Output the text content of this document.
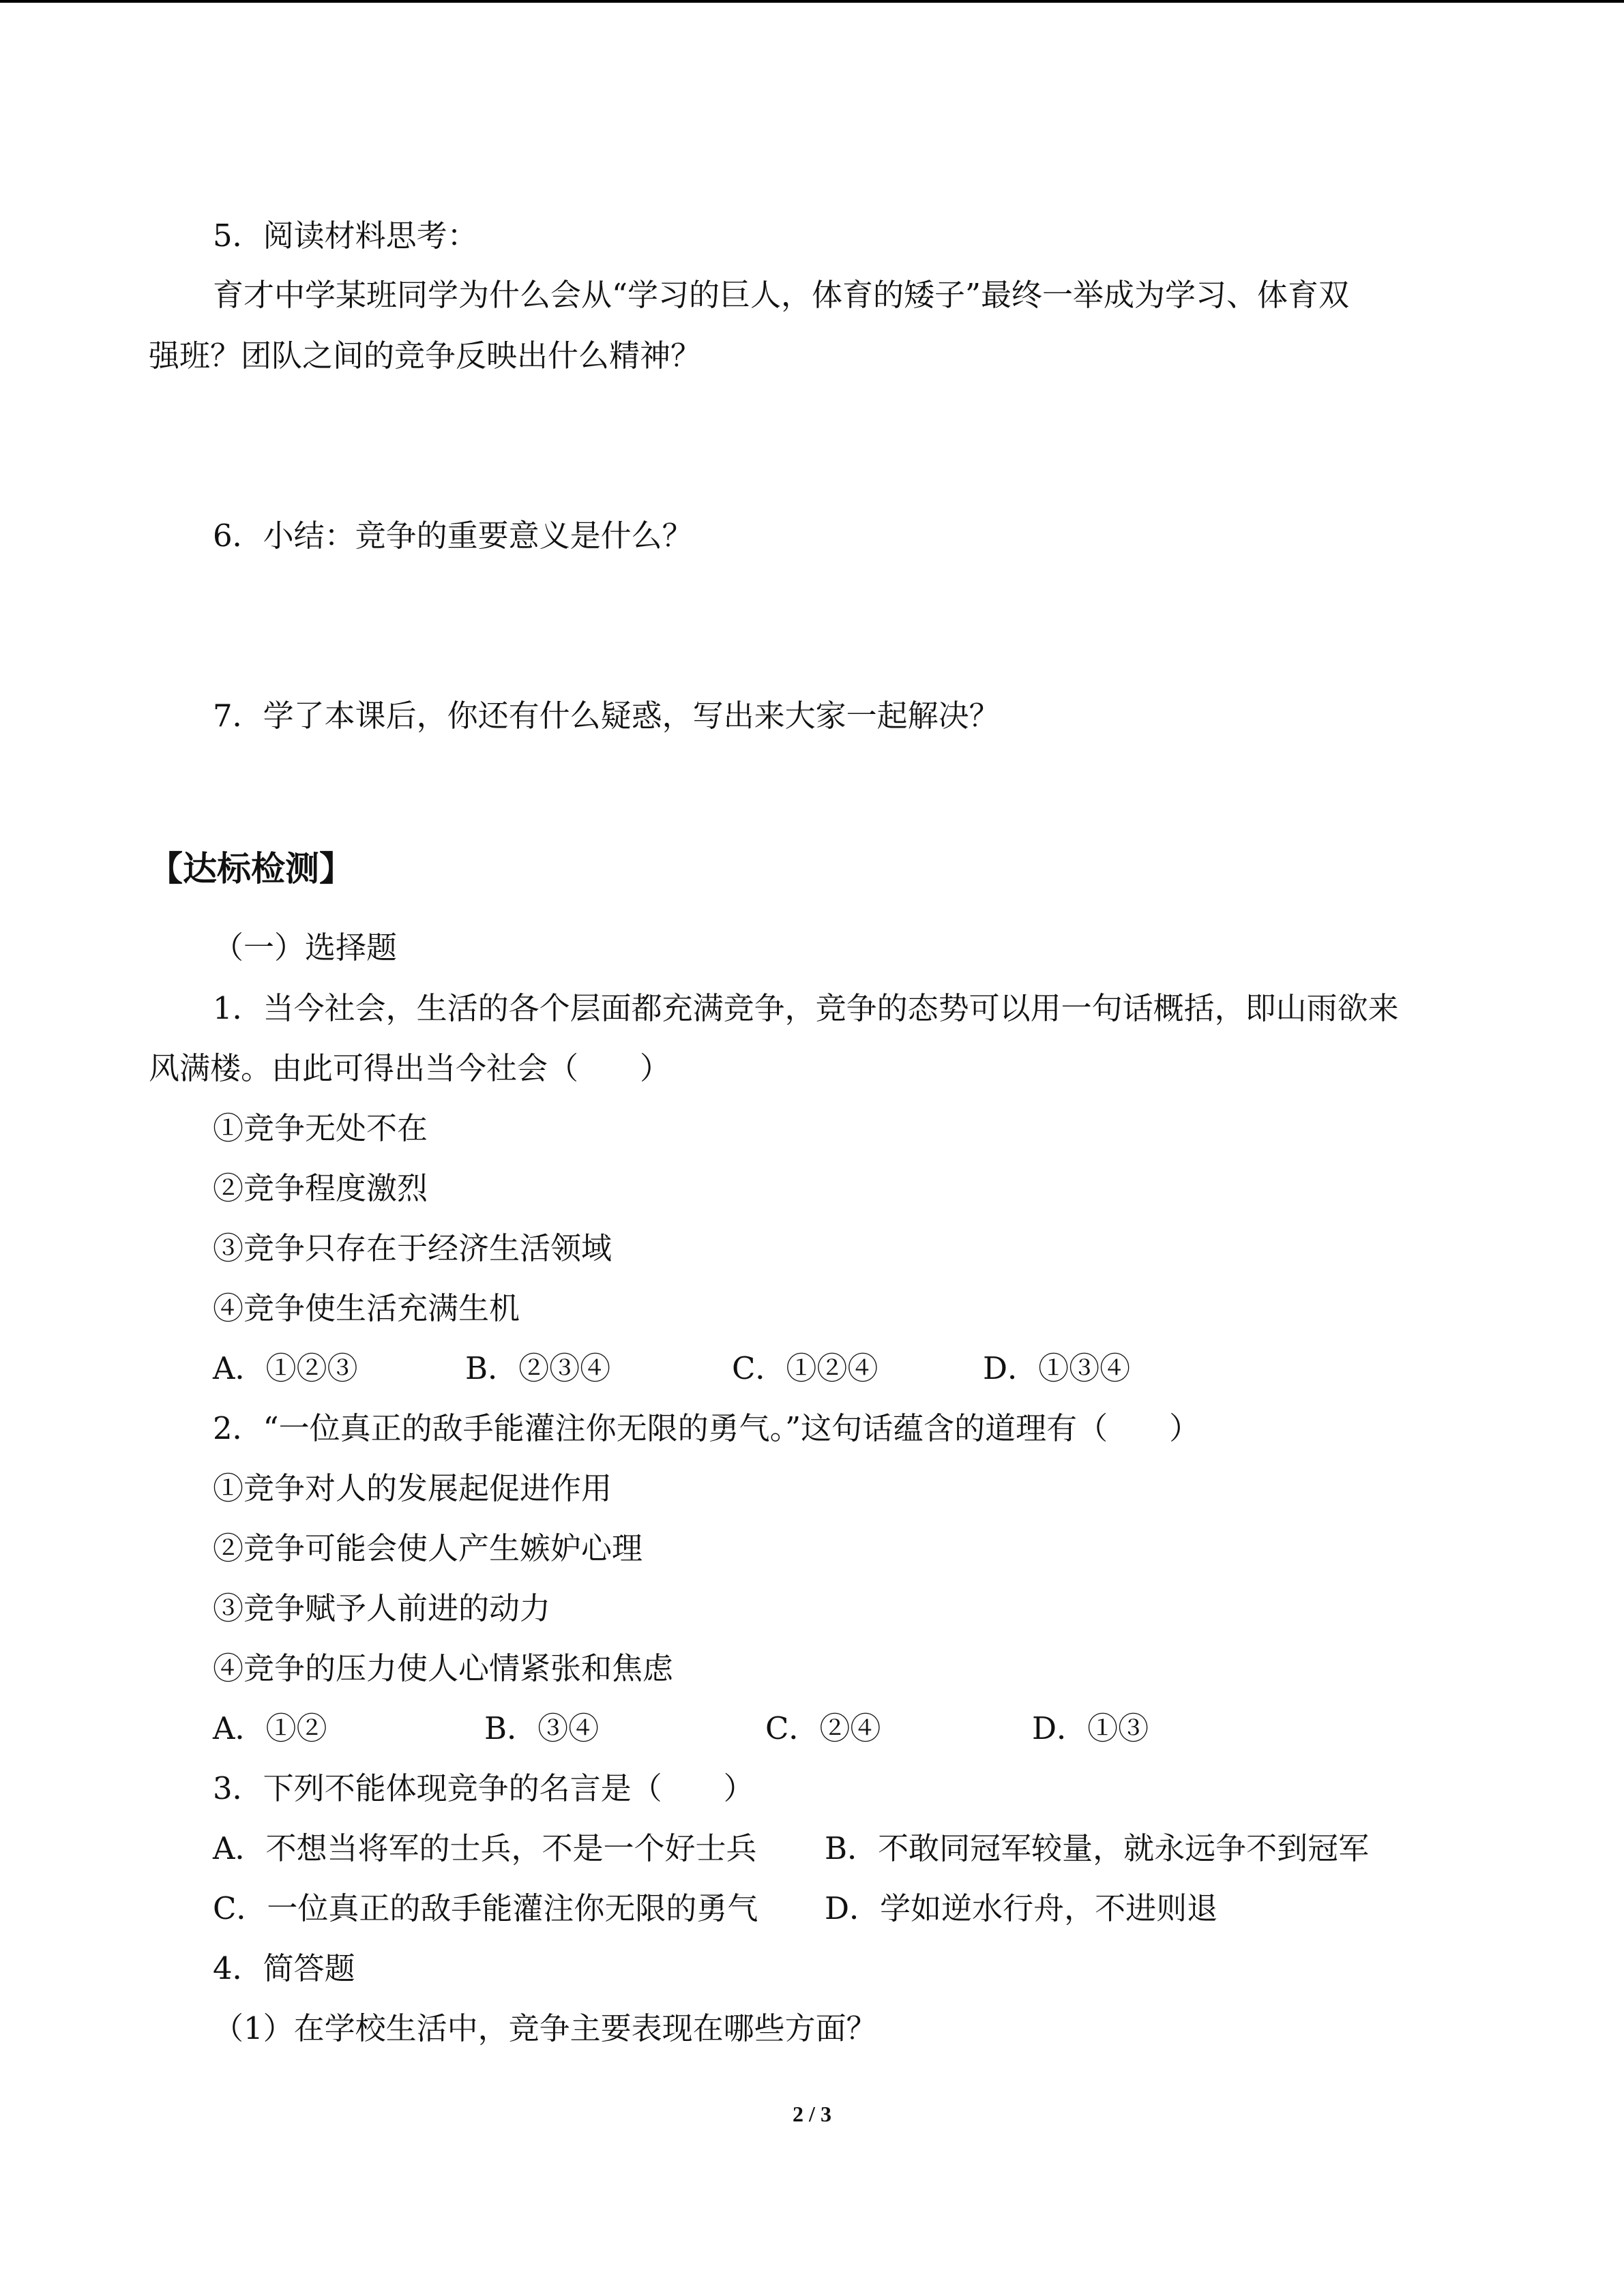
5．阅读材料思考：
育才中学某班同学为什么会从“学习的巨人，体育的矮子”最终一举成为学习、体育双
强班？团队之间的竞争反映出什么精神？
6．小结：竞争的重要意义是什么？
7．学了本课后，你还有什么疑惑，写出来大家一起解决？
【达标检测】
（一）选择题
1．当今社会，生活的各个层面都充满竞争，竞争的态势可以用一句话概括，即山雨欲来
风满楼。由此可得出当今社会（　　）
①竞争无处不在
②竞争程度激烈
③竞争只存在于经济生活领域
④竞争使生活充满生机
A．①②③	B．②③④	C．①②④	D．①③④
2．“一位真正的敌手能灌注你无限的勇气。”这句话蕴含的道理有（　　）
①竞争对人的发展起促进作用
②竞争可能会使人产生嫉妒心理
③竞争赋予人前进的动力
④竞争的压力使人心情紧张和焦虑
A．①②	B．③④	C．②④	D．①③
3．下列不能体现竞争的名言是（　　）
A．不想当将军的士兵，不是一个好士兵 B．不敢同冠军较量，就永远争不到冠军
C．一位真正的敌手能灌注你无限的勇气 D．学如逆水行舟，不进则退
4．简答题
（1）在学校生活中，竞争主要表现在哪些方面？
2 / 3
